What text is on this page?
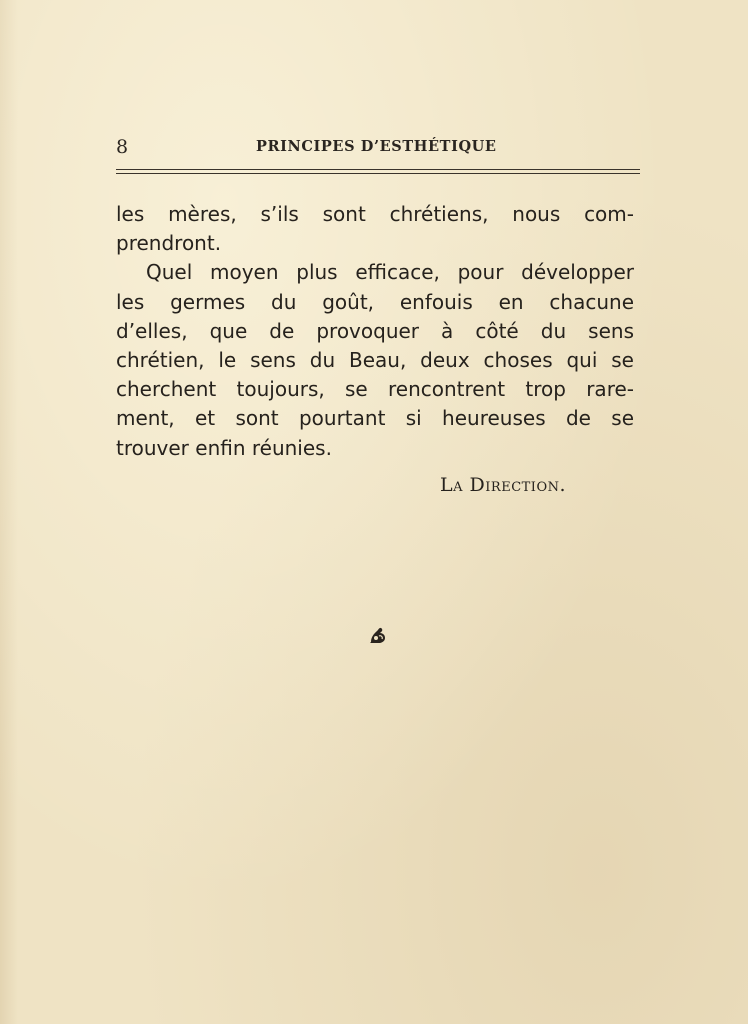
8	PRINCIPES D’ESTHÉTIQUE
les mères, s’ils sont chrétiens, nous com-
prendront.
Quel moyen plus efficace, pour développer
les germes du goût, enfouis en chacune
d’elles, que de provoquer à côté du sens
chrétien, le sens du Beau, deux choses qui se
cherchent toujours, se rencontrent trop rare-
ment, et sont pourtant si heureuses de se
trouver enfin réunies.
La Direction.
